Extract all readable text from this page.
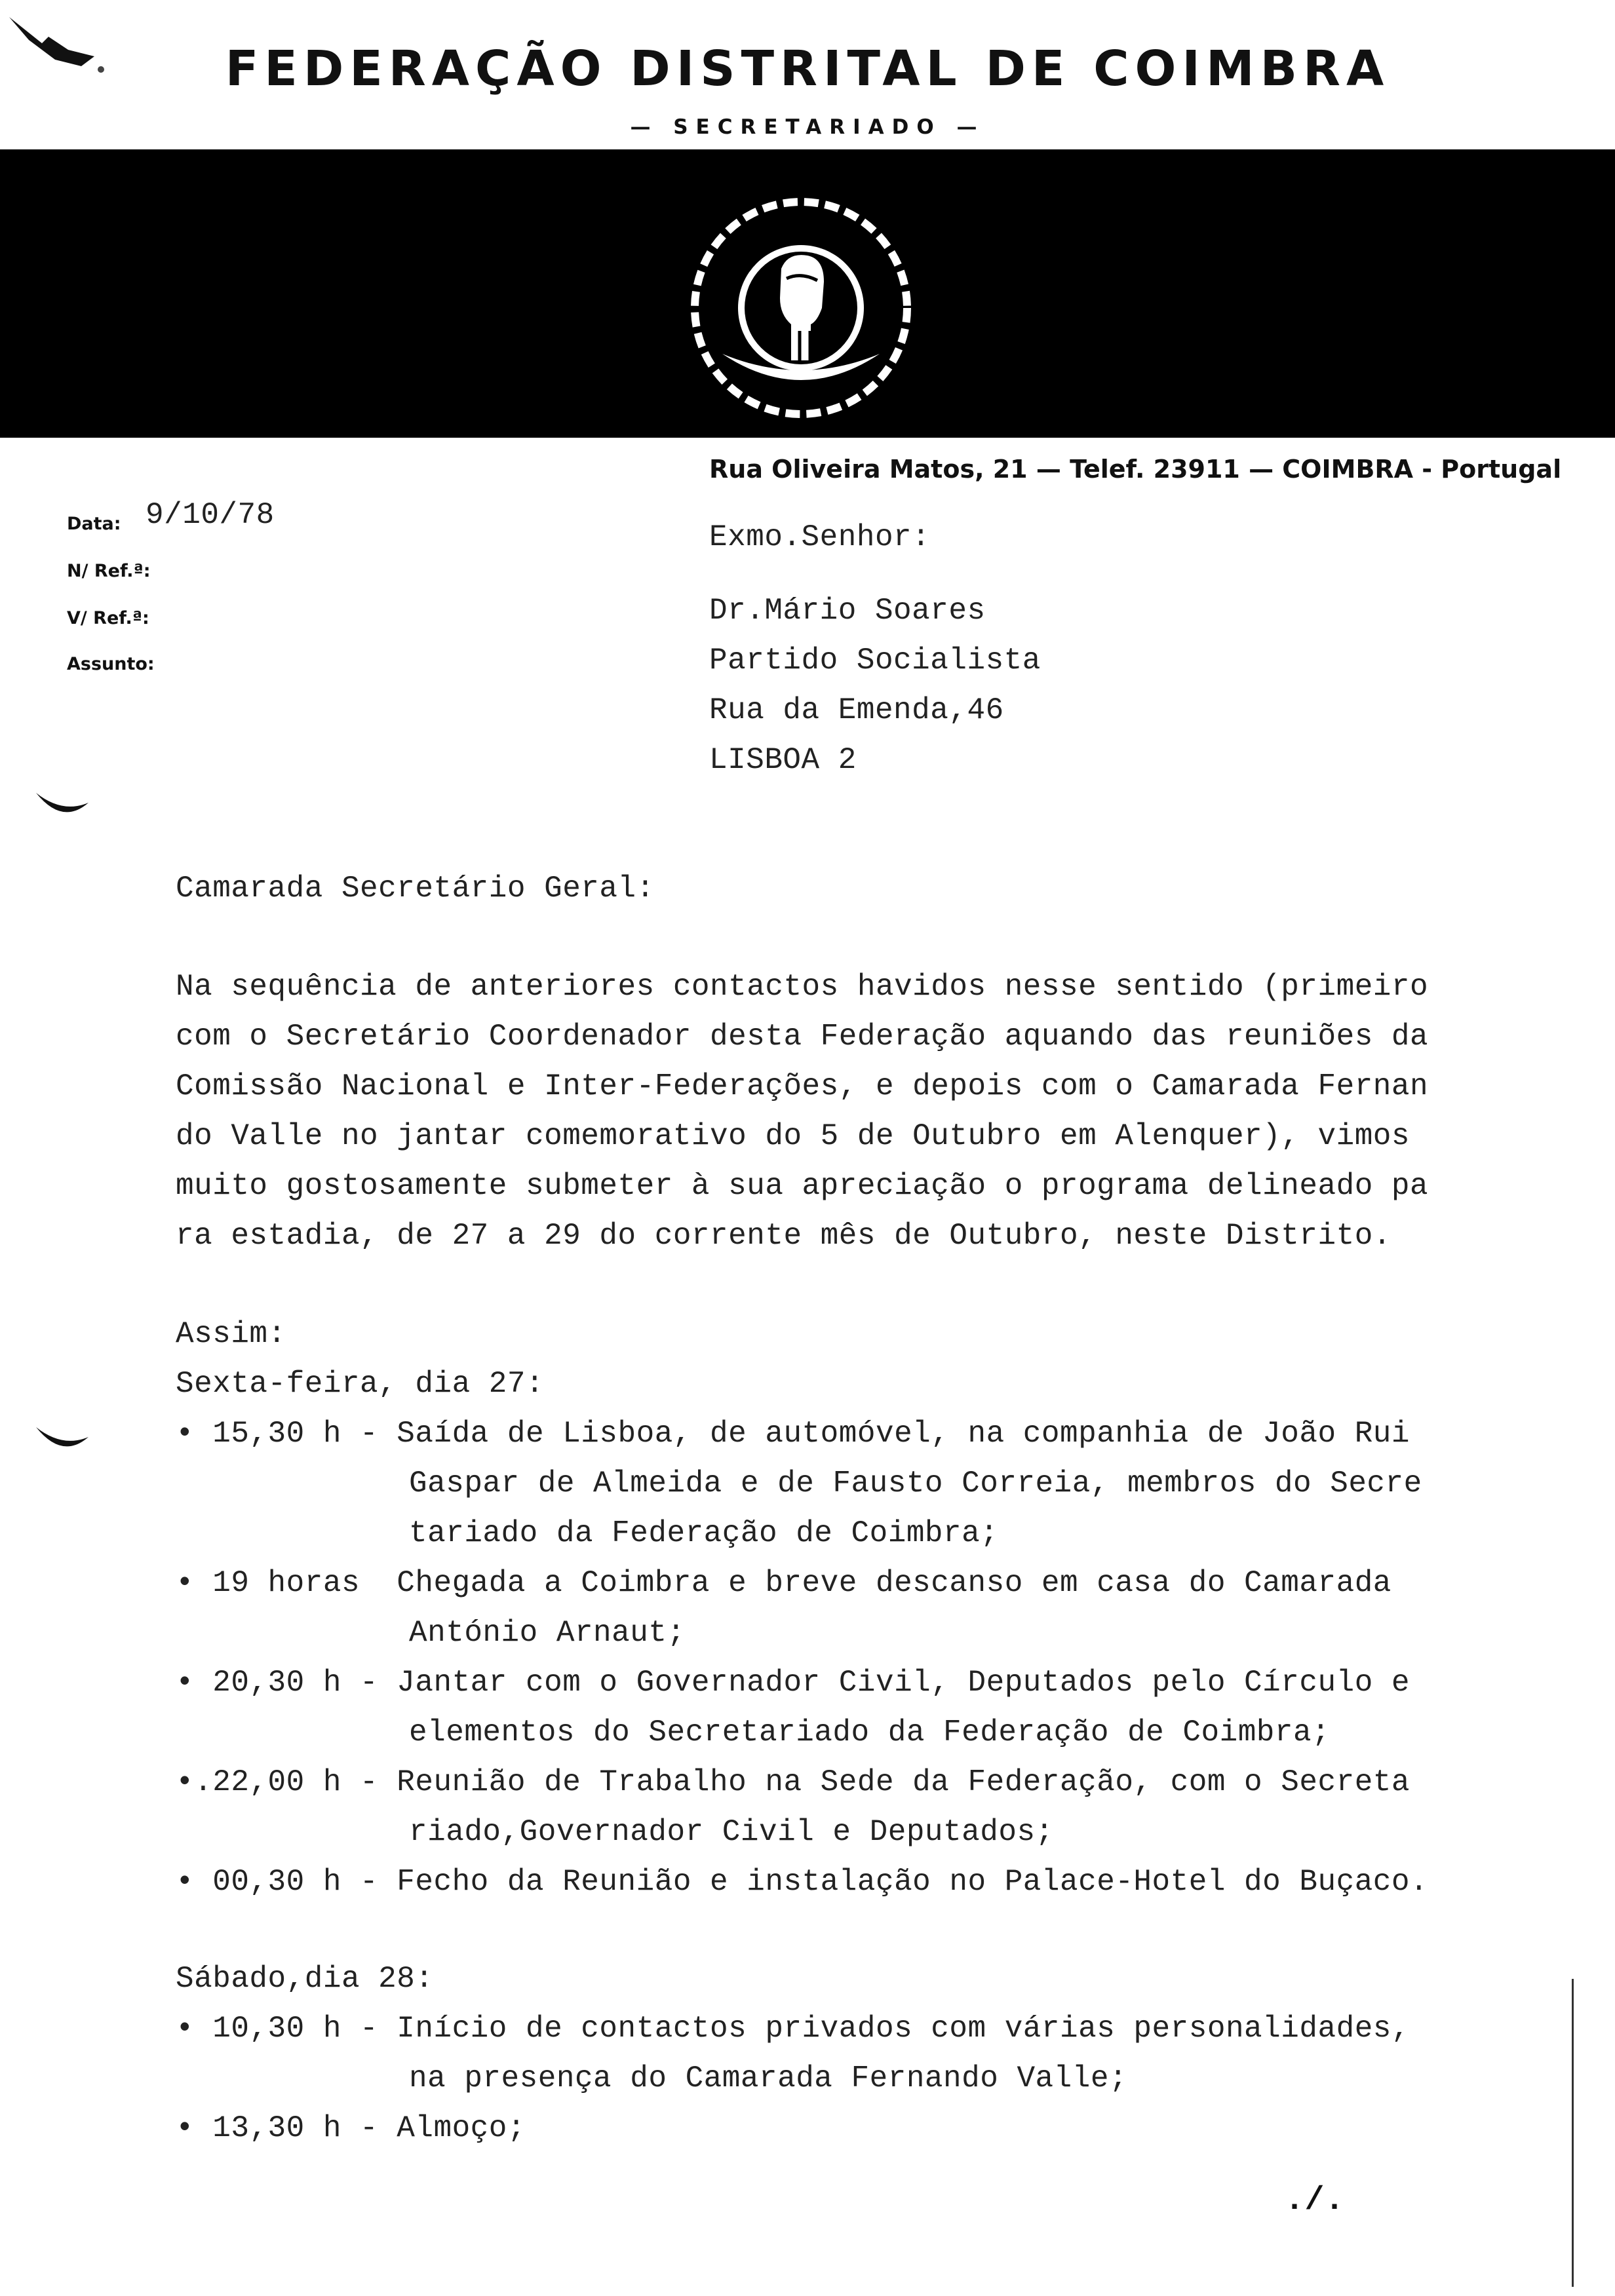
FEDERAÇÃO DISTRITAL DE COIMBRA
— SECRETARIADO —
Rua Oliveira Matos, 21 — Telef. 23911 — COIMBRA - Portugal
Data: 9/10/78
N/ Ref.ª:
V/ Ref.ª:
Assunto:
Exmo.Senhor:
Dr.Mário Soares
Partido Socialista
Rua da Emenda,46
LISBOA 2
Camarada Secretário Geral:
Na sequência de anteriores contactos havidos nesse sentido (primeiro
com o Secretário Coordenador desta Federação aquando das reuniões da
Comissão Nacional e Inter-Federações, e depois com o Camarada Fernan
do Valle no jantar comemorativo do 5 de Outubro em Alenquer), vimos
muito gostosamente submeter à sua apreciação o programa delineado pa
ra estadia, de 27 a 29 do corrente mês de Outubro, neste Distrito.
Assim:
Sexta-feira, dia 27:
• 15,30 h - Saída de Lisboa, de automóvel, na companhia de João Rui
Gaspar de Almeida e de Fausto Correia, membros do Secre
tariado da Federação de Coimbra;
• 19 horas  Chegada a Coimbra e breve descanso em casa do Camarada
António Arnaut;
• 20,30 h - Jantar com o Governador Civil, Deputados pelo Círculo e
elementos do Secretariado da Federação de Coimbra;
•.22,00 h - Reunião de Trabalho na Sede da Federação, com o Secreta
riado,Governador Civil e Deputados;
• 00,30 h - Fecho da Reunião e instalação no Palace-Hotel do Buçaco.
Sábado,dia 28:
• 10,30 h - Início de contactos privados com várias personalidades,
na presença do Camarada Fernando Valle;
• 13,30 h - Almoço;
./.
